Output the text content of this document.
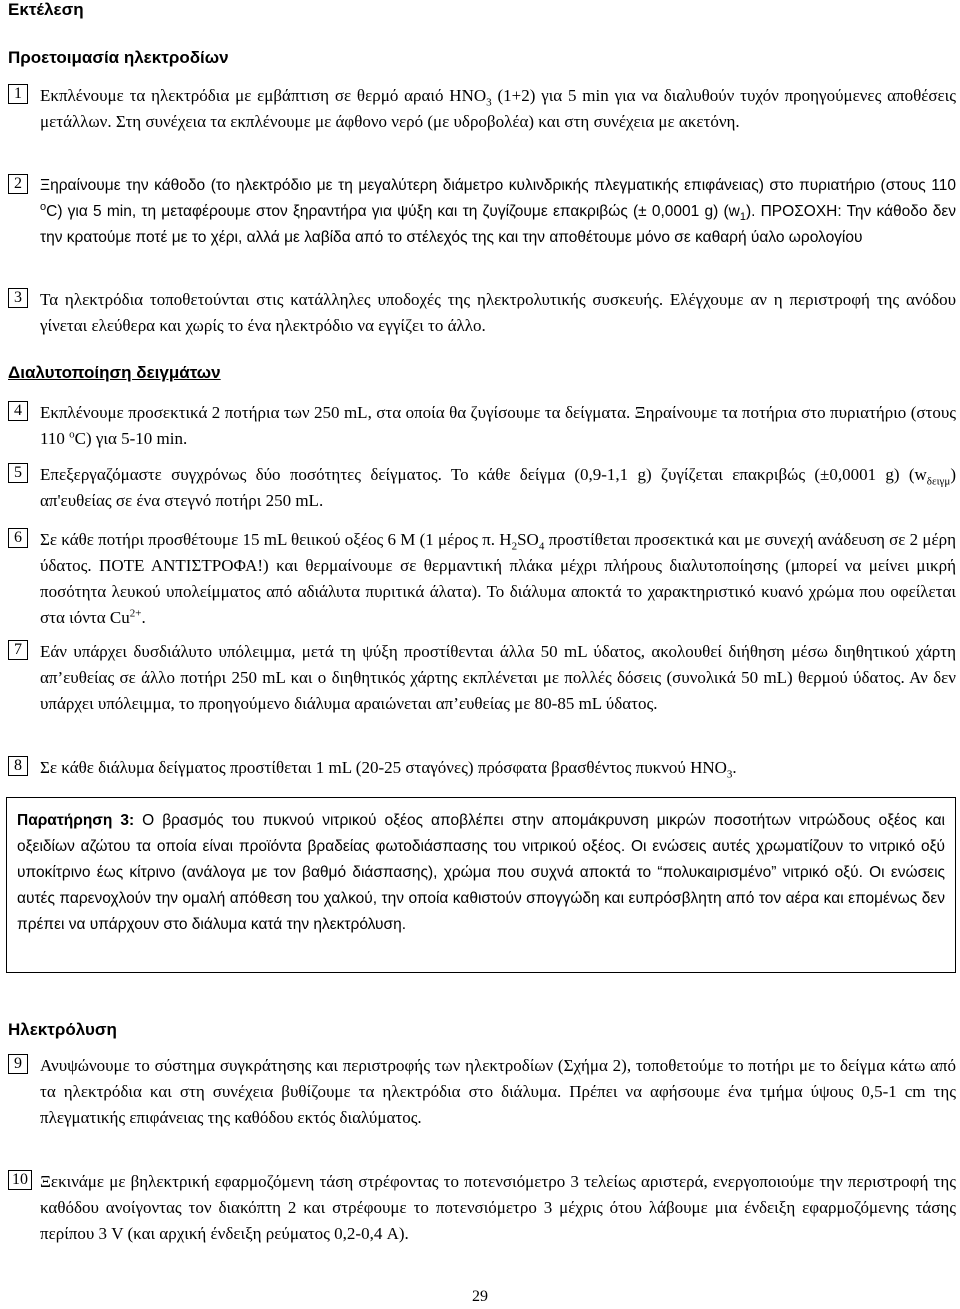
Εκτέλεση
Προετοιμασία ηλεκτροδίων
1	Εκπλένουμε τα ηλεκτρόδια με εμβάπτιση σε θερμό αραιό $HNO_3$ (1+2) για 5 min για να διαλυθούν τυχόν προηγούμενες αποθέσεις μετάλλων. Στη συνέχεια τα εκπλένουμε με άφθονο νερό (με υδροβολέα) και στη συνέχεια με ακετόνη.

2	Ξηραίνουμε την κάθοδο (το ηλεκτρόδιο με τη μεγαλύτερη διάμετρο κυλινδρικής πλεγματικής επιφάνειας) στο πυριατήριο (στους 110 $^o$C) για 5 min, τη μεταφέρουμε στον ξηραντήρα για ψύξη και τη ζυγίζουμε επακριβώς (± 0,0001 g) $(w_1)$. ΠΡΟΣΟΧΗ: Την κάθοδο δεν την κρατούμε ποτέ με το χέρι, αλλά με λαβίδα από το στέλεχός της και την αποθέτουμε μόνο σε καθαρή ύαλο ωρολογίου

3	Τα ηλεκτρόδια τοποθετούνται στις κατάλληλες υποδοχές της ηλεκτρολυτικής συσκευής. Ελέγχουμε αν η περιστροφή της ανόδου γίνεται ελεύθερα και χωρίς το ένα ηλεκτρόδιο να εγγίζει το άλλο.

Διαλυτοποίηση δειγμάτων
4	Εκπλένουμε προσεκτικά 2 ποτήρια των 250 mL, στα οποία θα ζυγίσουμε τα δείγματα. Ξηραίνουμε τα ποτήρια στο πυριατήριο (στους 110 $^o$C) για 5-10 min.

5	Επεξεργαζόμαστε συγχρόνως δύο ποσότητες δείγματος. Το κάθε δείγμα (0,9-1,1 g) ζυγίζεται επακριβώς (±0,0001 g) $(w_{\delta\varepsilon\iota\gamma\mu})$ απ'ευθείας σε ένα στεγνό ποτήρι 250 mL.

6	Σε κάθε ποτήρι προσθέτουμε 15 mL θειικού οξέος 6 M (1 μέρος π. $H_2SO_4$ προστίθεται προσεκτικά και με συνεχή ανάδευση σε 2 μέρη ύδατος. ΠΟΤΕ ΑΝΤΙΣΤΡΟΦΑ!) και θερμαίνουμε σε θερμαντική πλάκα μέχρι πλήρους διαλυτοποίησης (μπορεί να μείνει μικρή ποσότητα λευκού υπολείμματος από αδιάλυτα πυριτικά άλατα). Το διάλυμα αποκτά το χαρακτηριστικό κυανό χρώμα που οφείλεται στα ιόντα $Cu^{2+}$.

7	Εάν υπάρχει δυσδιάλυτο υπόλειμμα, μετά τη ψύξη προστίθενται άλλα 50 mL ύδατος, ακολουθεί διήθηση μέσω διηθητικού χάρτη απ’ευθείας σε άλλο ποτήρι 250 mL και ο διηθητικός χάρτης εκπλένεται με πολλές δόσεις (συνολικά 50 mL) θερμού ύδατος. Αν δεν υπάρχει υπόλειμμα, το προηγούμενο διάλυμα αραιώνεται απ’ευθείας με 80-85 mL ύδατος.

8	Σε κάθε διάλυμα δείγματος προστίθεται 1 mL (20-25 σταγόνες) πρόσφατα βρασθέντος πυκνού $HNO_3$.

Παρατήρηση 3: Ο βρασμός του πυκνού νιτρικού οξέος αποβλέπει στην απομάκρυνση μικρών ποσοτήτων νιτρώδους οξέος και οξειδίων αζώτου τα οποία είναι προϊόντα βραδείας φωτοδιάσπασης του νιτρικού οξέος. Οι ενώσεις αυτές χρωματίζουν το νιτρικό οξύ υποκίτρινο έως κίτρινο (ανάλογα με τον βαθμό διάσπασης), χρώμα που συχνά αποκτά το “πολυκαιρισμένο” νιτρικό οξύ. Οι ενώσεις αυτές παρενοχλούν την ομαλή απόθεση του χαλκού, την οποία καθιστούν σπογγώδη και ευπρόσβλητη από τον αέρα και επομένως δεν πρέπει να υπάρχουν στο διάλυμα κατά την ηλεκτρόλυση.

Ηλεκτρόλυση
9	Ανυψώνουμε το σύστημα συγκράτησης και περιστροφής των ηλεκτροδίων (Σχήμα 2), τοποθετούμε το ποτήρι με το δείγμα κάτω από τα ηλεκτρόδια και στη συνέχεια βυθίζουμε τα ηλεκτρόδια στο διάλυμα. Πρέπει να αφήσουμε ένα τμήμα ύψους 0,5-1 cm της πλεγματικής επιφάνειας της καθόδου εκτός διαλύματος.

10 Ξεκινάμε με βηλεκτρική εφαρμοζόμενη τάση στρέφοντας το ποτενσιόμετρο 3 τελείως αριστερά, ενεργοποιούμε την περιστροφή της καθόδου ανοίγοντας τον διακόπτη 2 και στρέφουμε το ποτενσιόμετρο 3 μέχρις ότου λάβουμε μια ένδειξη εφαρμοζόμενης τάσης περίπου 3 V (και αρχική ένδειξη ρεύματος 0,2-0,4 A).

29
